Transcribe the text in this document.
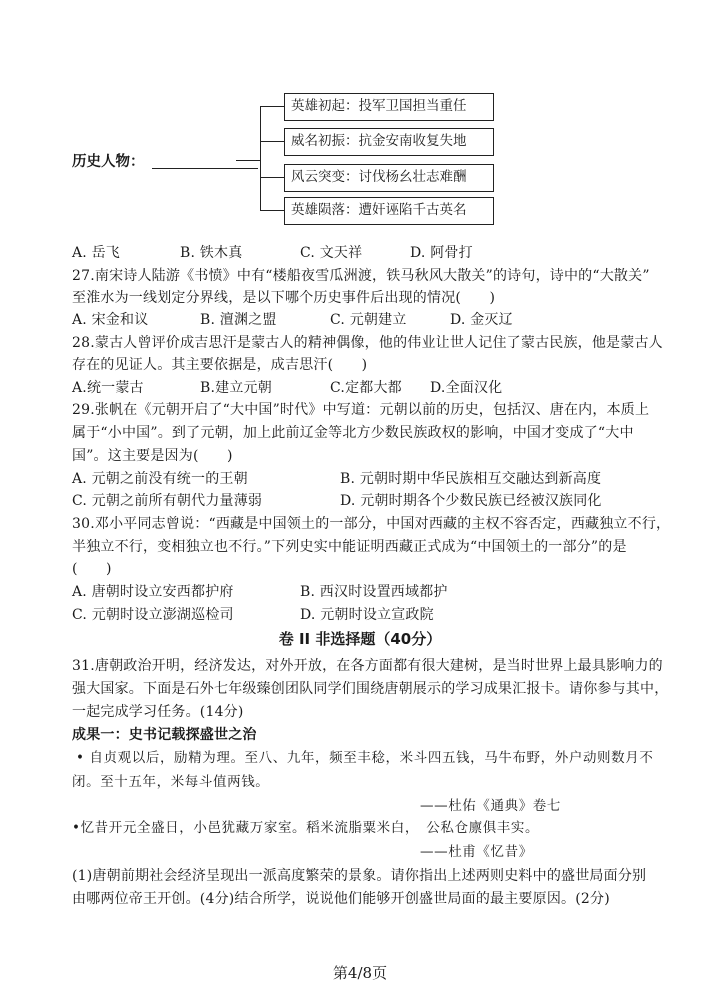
历史人物：
英雄初起：投军卫国担当重任
威名初振：抗金安南收复失地
风云突变：讨伐杨幺壮志难酬
英雄陨落：遭奸诬陷千古英名
A. 岳飞	B. 铁木真	C. 文天祥	D. 阿骨打
27.南宋诗人陆游《书愤》中有“楼船夜雪瓜洲渡，铁马秋风大散关”的诗句，诗中的“大散关”
至淮水为一线划定分界线，是以下哪个历史事件后出现的情况(　　)
A. 宋金和议	B. 澶渊之盟	C. 元朝建立	D. 金灭辽
28.蒙古人曾评价成吉思汗是蒙古人的精神偶像，他的伟业让世人记住了蒙古民族，他是蒙古人
存在的见证人。其主要依据是，成吉思汗(　　)
A.统一蒙古	B.建立元朝	C.定都大都 D.全面汉化
29.张帆在《元朝开启了“大中国”时代》中写道：元朝以前的历史，包括汉、唐在内，本质上
属于“小中国”。到了元朝，加上此前辽金等北方少数民族政权的影响，中国才变成了“大中
国”。这主要是因为(　　)
A. 元朝之前没有统一的王朝	B. 元朝时期中华民族相互交融达到新高度
C. 元朝之前所有朝代力量薄弱	D. 元朝时期各个少数民族已经被汉族同化
30.邓小平同志曾说：“西藏是中国领土的一部分，中国对西藏的主权不容否定，西藏独立不行，
半独立不行，变相独立也不行。”下列史实中能证明西藏正式成为“中国领土的一部分”的是
(　　)
A. 唐朝时设立安西都护府	B. 西汉时设置西域都护
C. 元朝时设立澎湖巡检司	D. 元朝时设立宣政院
卷 II 非选择题（40分）
31.唐朝政治开明，经济发达，对外开放，在各方面都有很大建树，是当时世界上最具影响力的
强大国家。下面是石外七年级臻创团队同学们围绕唐朝展示的学习成果汇报卡。请你参与其中，
一起完成学习任务。(14分)
成果一：史书记载探盛世之治
• 自贞观以后，励精为理。至八、九年，频至丰稔，米斗四五钱，马牛布野，外户动则数月不
闭。至十五年，米每斗值两钱。
——杜佑《通典》卷七
•忆昔开元全盛日，小邑犹藏万家室。稻米流脂粟米白，　公私仓廪俱丰实。
——杜甫《忆昔》
(1)唐朝前期社会经济呈现出一派高度繁荣的景象。请你指出上述两则史料中的盛世局面分别
由哪两位帝王开创。(4分)结合所学，说说他们能够开创盛世局面的最主要原因。(2分)
第4/8页
